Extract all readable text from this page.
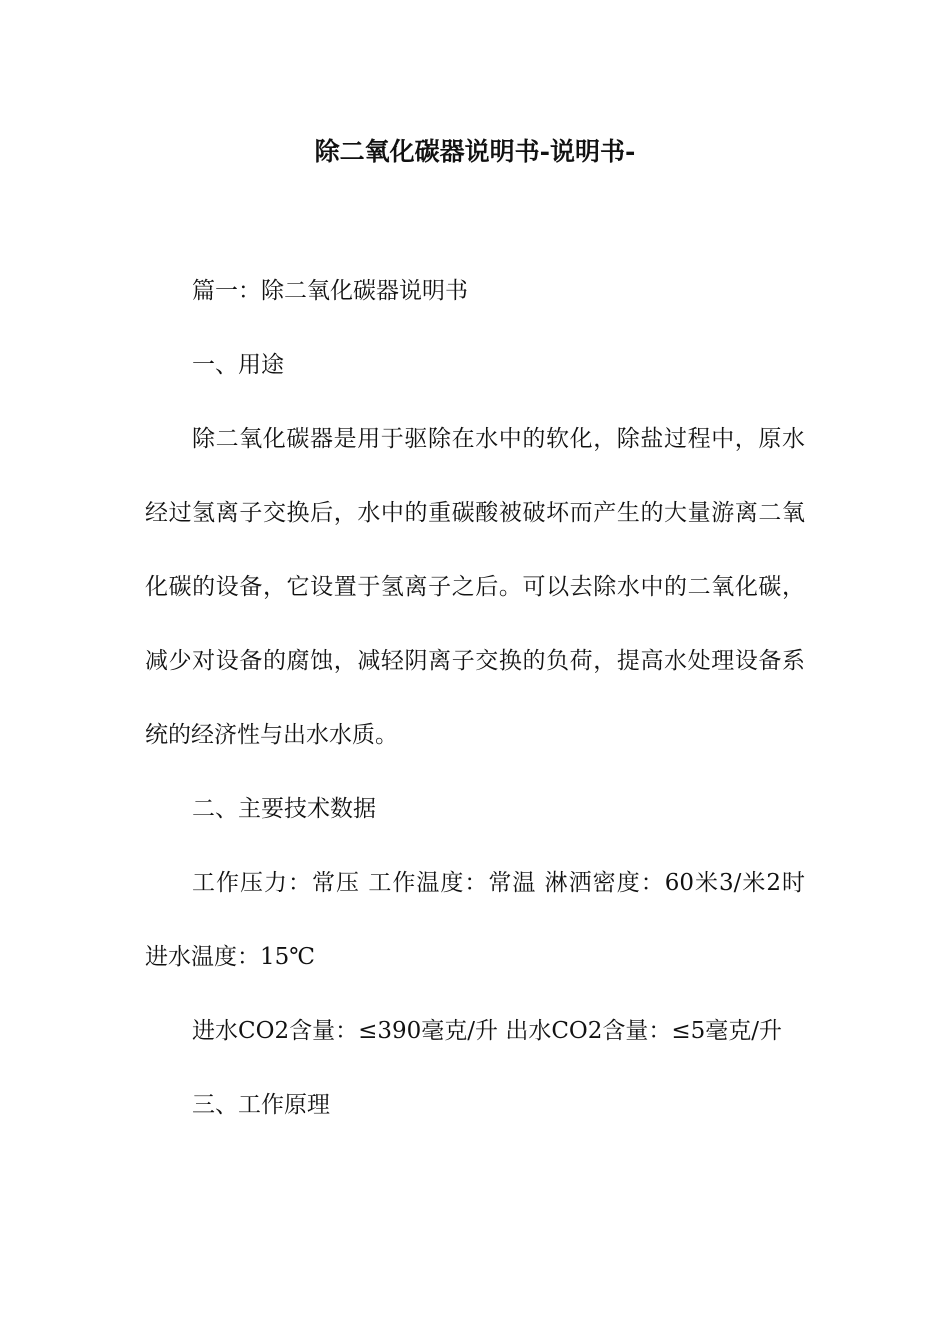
除二氧化碳器说明书-说明书-

篇一：除二氧化碳器说明书

一、用途

除二氧化碳器是用于驱除在水中的软化，除盐过程中，原水经过氢离子交换后，水中的重碳酸被破坏而产生的大量游离二氧化碳的设备，它设置于氢离子之后。可以去除水中的二氧化碳，减少对设备的腐蚀，减轻阴离子交换的负荷，提高水处理设备系统的经济性与出水水质。

二、主要技术数据

工作压力：常压 工作温度：常温 淋洒密度：60米3/米2时 进水温度：15℃

进水CO2含量：≤390毫克/升 出水CO2含量：≤5毫克/升

三、工作原理
